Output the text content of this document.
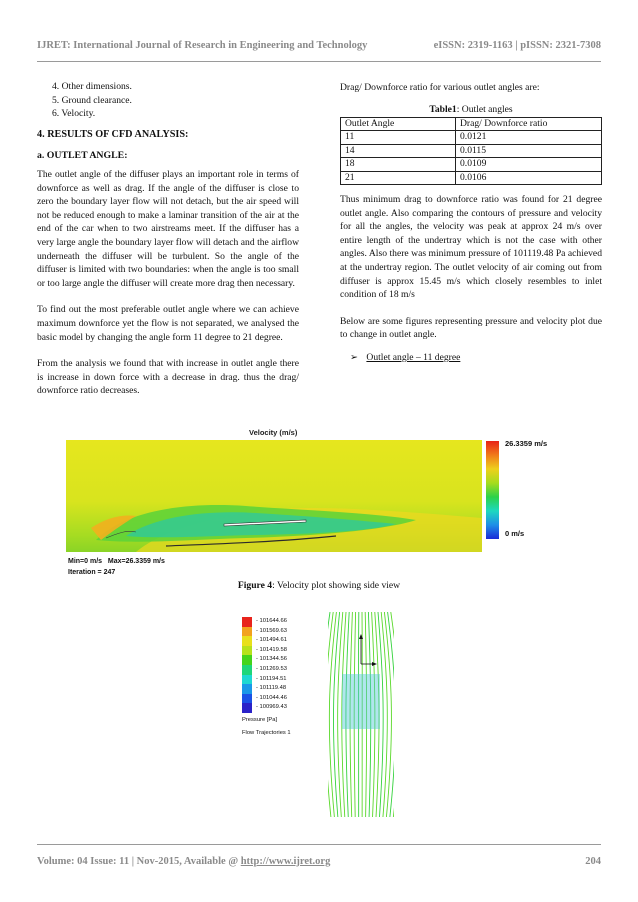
IJRET: International Journal of Research in Engineering and Technology	eISSN: 2319-1163 | pISSN: 2321-7308
4. Other dimensions.
5. Ground clearance.
6. Velocity.
4. RESULTS OF CFD ANALYSIS:
a. OUTLET ANGLE:

The outlet angle of the diffuser plays an important role in terms of downforce as well as drag. If the angle of the diffuser is close to zero the boundary layer flow will not detach, but the air speed will not be reduced enough to make a laminar transition of the air at the end of the car when to two airstreams meet. If the diffuser has a very large angle the boundary layer flow will detach and the airflow underneath the diffuser will be turbulent. So the angle of the diffuser is limited with two boundaries: when the angle is too small or too large angle the diffuser will create more drag then necessary.

To find out the most preferable outlet angle where we can achieve maximum downforce yet the flow is not separated, we analysed the basic model by changing the angle form 11 degree to 21 degree.

From the analysis we found that with increase in outlet angle there is increase in down force with a decrease in drag. thus the drag/ downforce ratio decreases.

Drag/ Downforce ratio for various outlet angles are:
Table1: Outlet angles
Outlet Angle	Drag/ Downforce ratio
11	0.0121
14	0.0115
18	0.0109
21	0.0106

Thus minimum drag to downforce ratio was found for 21 degree outlet angle. Also comparing the contours of pressure and velocity for all the angles, the velocity was peak at approx 24 m/s over entire length of the undertray which is not the case with other angles. Also there was minimum pressure of 101119.48 Pa achieved at the undertray region. The outlet velocity of air coming out from diffuser is approx 15.45 m/s which closely resembles to inlet condition of 18 m/s

Below are some figures representing pressure and velocity plot due to change in outlet angle.

➢ Outlet angle – 11 degree
Velocity (m/s)
26.3359 m/s
0 m/s
Min=0 m/s   Max=26.3359 m/s
Iteration = 247
Figure 4: Velocity plot showing side view
- 101644.66
- 101569.63
- 101494.61
- 101419.58
- 101344.56
- 101269.53
- 101194.51
- 101119.48
- 101044.46
- 100969.43
Pressure [Pa]
Flow Trajectories 1
Volume: 04 Issue: 11 | Nov-2015, Available @ http://www.ijret.org	204
